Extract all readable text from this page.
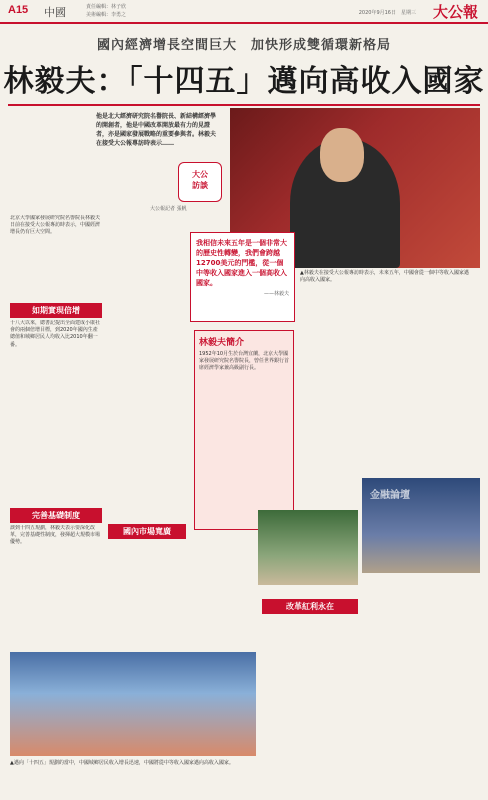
A15 中國	責任編輯：林子欣
美術編輯：李勇之	2020年9月16日　星期三 大公報
國內經濟增長空間巨大　加快形成雙循環新格局
林毅夫：「十四五」邁向高收入國家
他是北大經濟研究院名譽院長、新結構經濟學的開創者，他是中國改革開放最有力的見證者，亦是國家發展戰略的重要參與者。林毅夫在接受大公報專訪時表示……
大公
訪談
大公報記者 張帆
▲林毅夫在接受大公報專訪時表示，未來五年，中國會從一個中等收入國家邁向高收入國家。
我相信未來五年是一個非常大的歷史性轉變，我們會跨越12700美元的門檻，從一個中等收入國家進入一個高收入國家。
——林毅夫

北京大學國家發展研究院名譽院長林毅夫日前在接受大公報專訪時表示，中國經濟增長仍有巨大空間。

如期實現倍增

十八大以來，總書記提出全面建成小康社會的兩個倍增目標，到2020年國內生產總值和城鄉居民人均收入比2010年翻一番。

完善基礎制度

談到十四五規劃，林毅夫表示要深化改革，完善基礎性制度，發揮超大規模市場優勢。

林毅夫簡介
1952年10月生於台灣宜蘭，北京大學國家發展研究院名譽院長，曾任世界銀行首席經濟學家兼高級副行長。
國內市場寬廣
金融論壇
改革紅利永在
▲邁向「十四五」規劃的當中，中國城鄉居民收入增長迅速，中國將從中等收入國家邁向高收入國家。
